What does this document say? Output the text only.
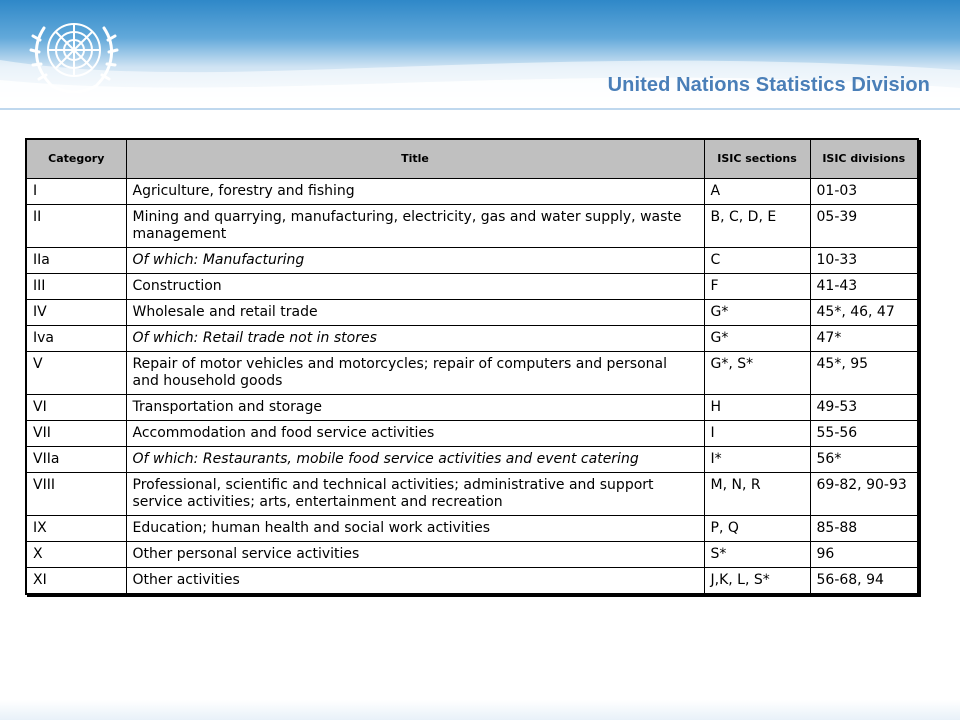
United Nations Statistics Division
Category	Title	ISIC sections	ISIC divisions
I	Agriculture, forestry and fishing	A	01-03
II	Mining and quarrying, manufacturing, electricity, gas and water supply, waste management	B, C, D, E	05-39
IIa	Of which: Manufacturing	C	10-33
III	Construction	F	41-43
IV	Wholesale and retail trade	G*	45*, 46, 47
Iva	Of which: Retail trade not in stores	G*	47*
V	Repair of motor vehicles and motorcycles; repair of computers and personal and household goods	G*, S*	45*, 95
VI	Transportation and storage	H	49-53
VII	Accommodation and food service activities	I	55-56
VIIa	Of which: Restaurants, mobile food service activities and event catering	I*	56*
VIII	Professional, scientific and technical activities; administrative and support service activities; arts, entertainment and recreation	M, N, R	69-82, 90-93
IX	Education; human health and social work activities	P, Q	85-88
X	Other personal service activities	S*	96
XI	Other activities	J,K, L, S*	56-68, 94
